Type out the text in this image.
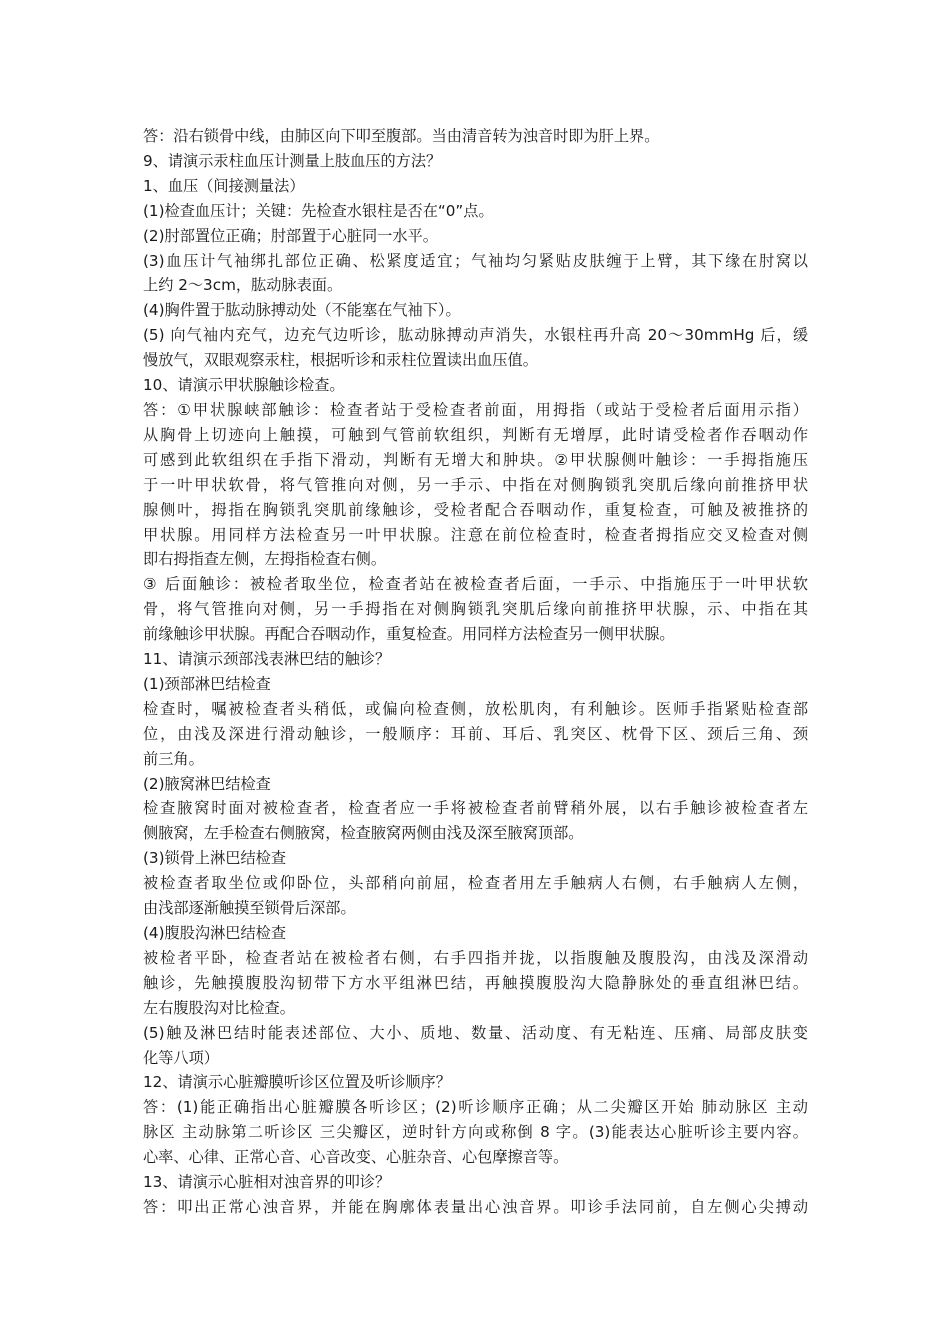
答：沿右锁骨中线，由肺区向下叩至腹部。当由清音转为浊音时即为肝上界。
9、请演示汞柱血压计测量上肢血压的方法？
1、血压（间接测量法）
(1)检查血压计；关键：先检查水银柱是否在“0”点。
(2)肘部置位正确；肘部置于心脏同一水平。
(3)血压计气袖绑扎部位正确、松紧度适宜；气袖均匀紧贴皮肤缠于上臂，其下缘在肘窝以
上约 2～3cm，肱动脉表面。
(4)胸件置于肱动脉搏动处（不能塞在气袖下）。
(5) 向气袖内充气，边充气边听诊，肱动脉搏动声消失，水银柱再升高 20～30mmHg 后，缓
慢放气，双眼观察汞柱，根据听诊和汞柱位置读出血压值。
10、请演示甲状腺触诊检查。
答：①甲状腺峡部触诊：检查者站于受检查者前面，用拇指（或站于受检者后面用示指）
从胸骨上切迹向上触摸，可触到气管前软组织，判断有无增厚，此时请受检者作吞咽动作
可感到此软组织在手指下滑动，判断有无增大和肿块。②甲状腺侧叶触诊：一手拇指施压
于一叶甲状软骨，将气管推向对侧，另一手示、中指在对侧胸锁乳突肌后缘向前推挤甲状
腺侧叶，拇指在胸锁乳突肌前缘触诊，受检者配合吞咽动作，重复检查，可触及被推挤的
甲状腺。用同样方法检查另一叶甲状腺。注意在前位检查时，检查者拇指应交叉检查对侧
即右拇指查左侧，左拇指检查右侧。
③ 后面触诊：被检者取坐位，检查者站在被检查者后面，一手示、中指施压于一叶甲状软
骨，将气管推向对侧，另一手拇指在对侧胸锁乳突肌后缘向前推挤甲状腺，示、中指在其
前缘触诊甲状腺。再配合吞咽动作，重复检查。用同样方法检查另一侧甲状腺。
11、请演示颈部浅表淋巴结的触诊？
(1)颈部淋巴结检查
检查时，嘱被检查者头稍低，或偏向检查侧，放松肌肉，有利触诊。医师手指紧贴检查部
位，由浅及深进行滑动触诊，一般顺序：耳前、耳后、乳突区、枕骨下区、颈后三角、颈
前三角。
(2)腋窝淋巴结检查
检查腋窝时面对被检查者，检查者应一手将被检查者前臂稍外展，以右手触诊被检查者左
侧腋窝，左手检查右侧腋窝，检查腋窝两侧由浅及深至腋窝顶部。
(3)锁骨上淋巴结检查
被检查者取坐位或仰卧位，头部稍向前屈，检查者用左手触病人右侧，右手触病人左侧，
由浅部逐渐触摸至锁骨后深部。
(4)腹股沟淋巴结检查
被检者平卧，检查者站在被检者右侧，右手四指并拢，以指腹触及腹股沟，由浅及深滑动
触诊，先触摸腹股沟韧带下方水平组淋巴结，再触摸腹股沟大隐静脉处的垂直组淋巴结。
左右腹股沟对比检查。
(5)触及淋巴结时能表述部位、大小、质地、数量、活动度、有无粘连、压痛、局部皮肤变
化等八项）
12、请演示心脏瓣膜听诊区位置及听诊顺序？
答：(1)能正确指出心脏瓣膜各听诊区；(2)听诊顺序正确；从二尖瓣区开始 肺动脉区 主动
脉区 主动脉第二听诊区 三尖瓣区，逆时针方向或称倒 8 字。(3)能表达心脏听诊主要内容。
心率、心律、正常心音、心音改变、心脏杂音、心包摩擦音等。
13、请演示心脏相对浊音界的叩诊？
答：叩出正常心浊音界，并能在胸廓体表量出心浊音界。叩诊手法同前，自左侧心尖搏动
